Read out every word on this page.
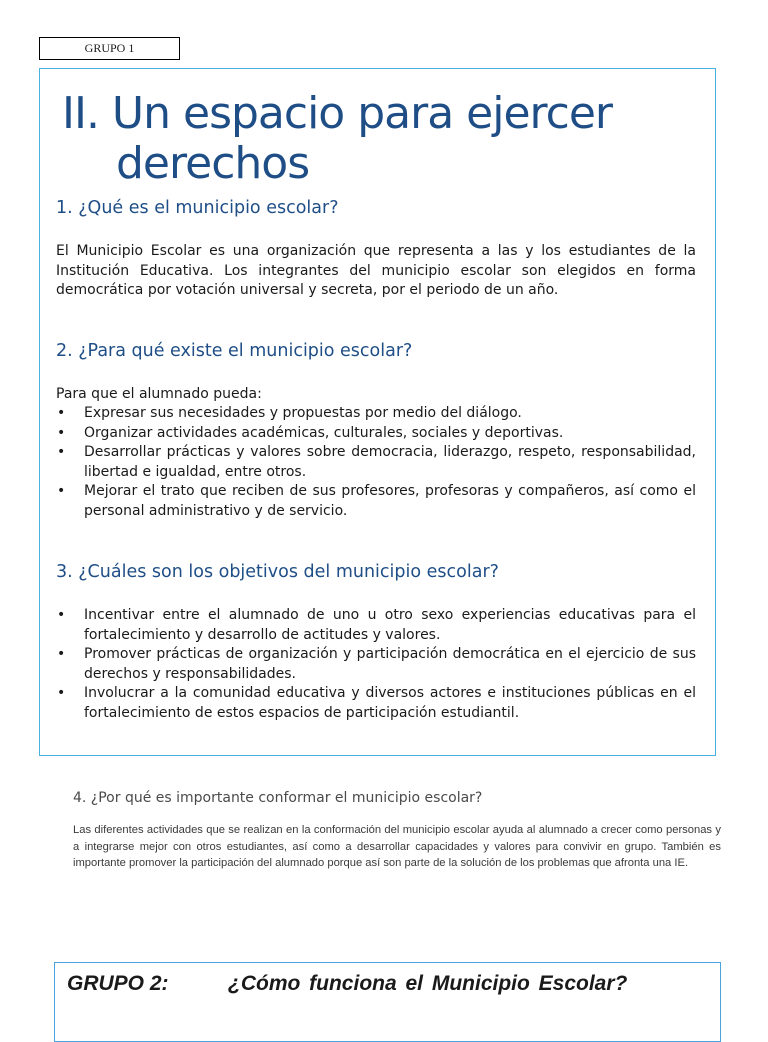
GRUPO 1
II. Un espacio para ejercer
derechos
1. ¿Qué es el municipio escolar?

El Municipio Escolar es una organización que representa a las y los estudiantes de la Institución Educativa. Los integrantes del municipio escolar son elegidos en forma democrática por votación universal y secreta, por el periodo de un año.

2. ¿Para qué existe el municipio escolar?

Para que el alumnado pueda:

• Expresar sus necesidades y propuestas por medio del diálogo.
• Organizar actividades académicas, culturales, sociales y deportivas.
• Desarrollar prácticas y valores sobre democracia, liderazgo, respeto, responsabilidad, libertad e igualdad, entre otros.
• Mejorar el trato que reciben de sus profesores, profesoras y compañeros, así como el personal administrativo y de servicio.
3. ¿Cuáles son los objetivos del municipio escolar?
• Incentivar entre el alumnado de uno u otro sexo experiencias educativas para el fortalecimiento y desarrollo de actitudes y valores.
• Promover prácticas de organización y participación democrática en el ejercicio de sus derechos y responsabilidades.
• Involucrar a la comunidad educativa y diversos actores e instituciones públicas en el fortalecimiento de estos espacios de participación estudiantil.
4. ¿Por qué es importante conformar el municipio escolar?

Las diferentes actividades que se realizan en la conformación del municipio escolar ayuda al alumnado a crecer como personas y a integrarse mejor con otros estudiantes, así como a desarrollar capacidades y valores para convivir en grupo. También es importante promover la participación del alumnado porque así son parte de la solución de los problemas que afronta una IE.

GRUPO 2:	¿Cómo funciona el Municipio Escolar?
